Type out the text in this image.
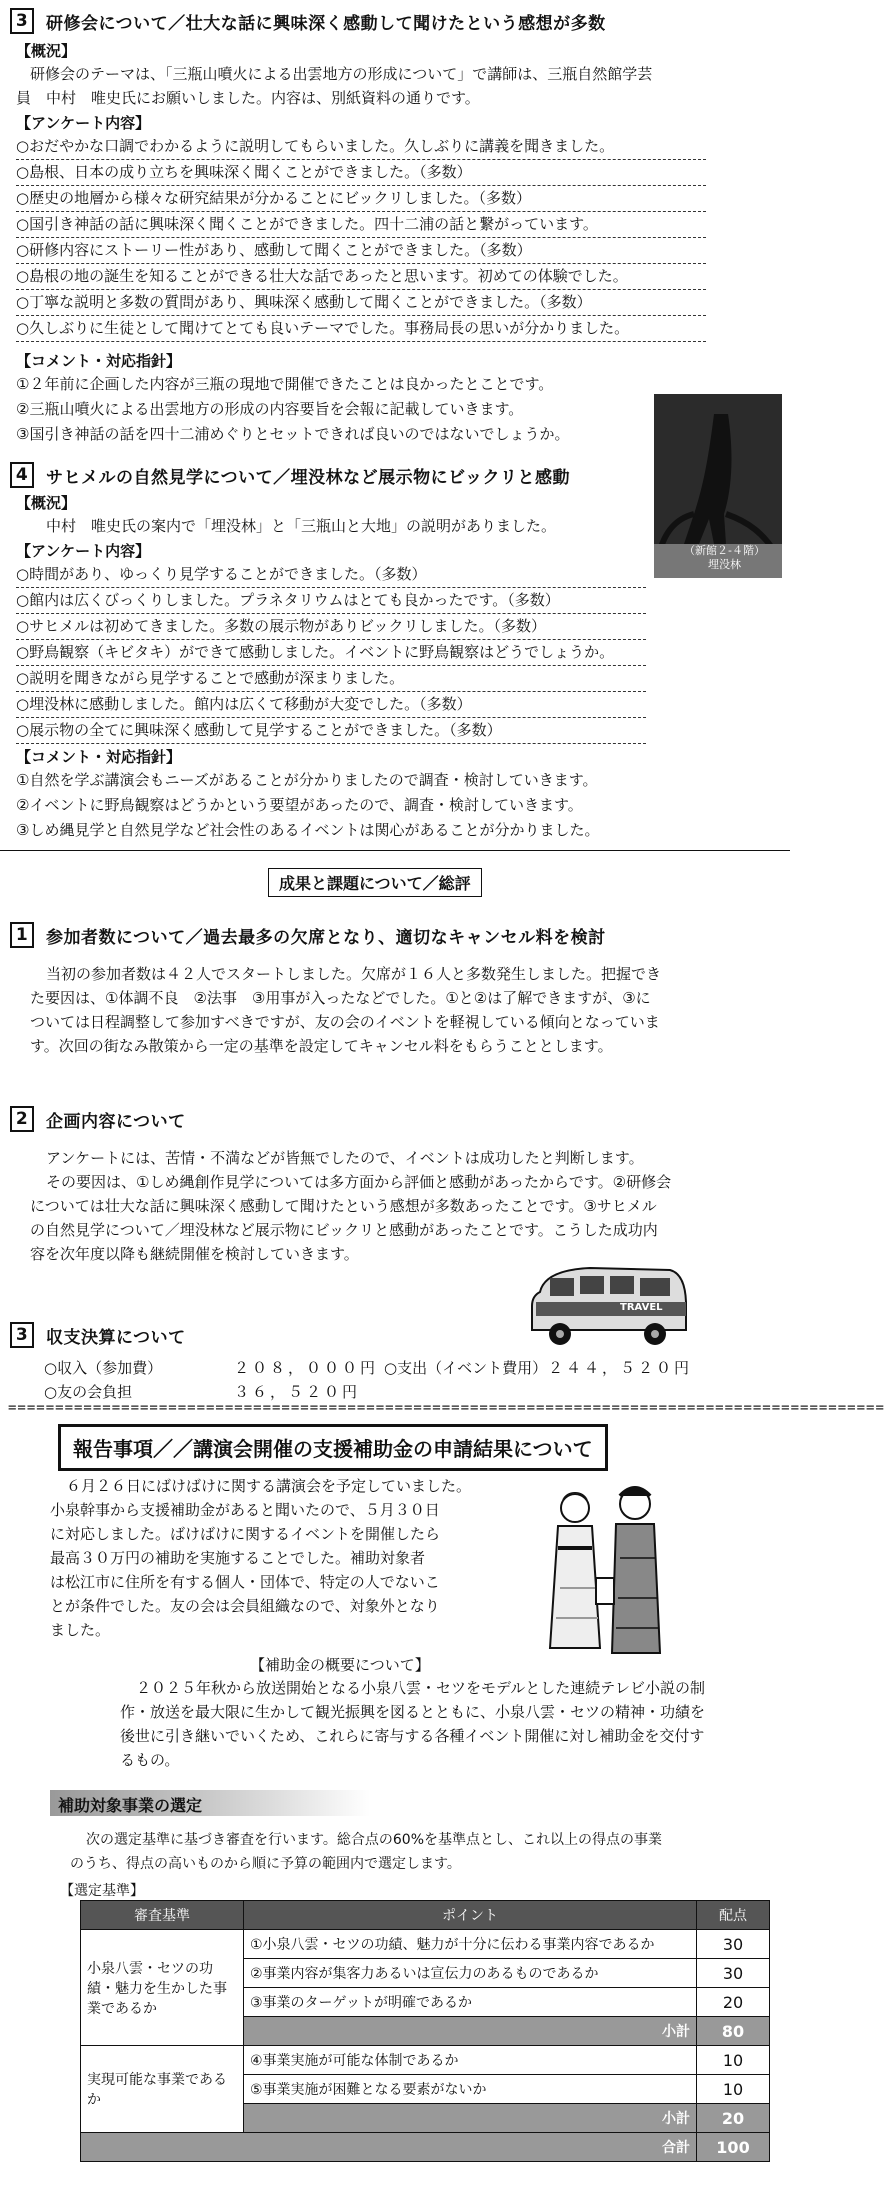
3	研修会について／壮大な話に興味深く感動して聞けたという感想が多数
【概況】
研修会のテーマは、「三瓶山噴火による出雲地方の形成について」で講師は、三瓶自然館学芸
員　中村　唯史氏にお願いしました。内容は、別紙資料の通りです。
【アンケート内容】
○おだやかな口調でわかるように説明してもらいました。久しぶりに講義を聞きました。
○島根、日本の成り立ちを興味深く聞くことができました。（多数）
○歴史の地層から様々な研究結果が分かることにビックリしました。（多数）
○国引き神話の話に興味深く聞くことができました。四十二浦の話と繋がっています。
○研修内容にストーリー性があり、感動して聞くことができました。（多数）
○島根の地の誕生を知ることができる壮大な話であったと思います。初めての体験でした。
○丁寧な説明と多数の質問があり、興味深く感動して聞くことができました。（多数）
○久しぶりに生徒として聞けてとても良いテーマでした。事務局長の思いが分かりました。
【コメント・対応指針】
①２年前に企画した内容が三瓶の現地で開催できたことは良かったとことです。
②三瓶山噴火による出雲地方の形成の内容要旨を会報に記載していきます。
③国引き神話の話を四十二浦めぐりとセットできれば良いのではないでしょうか。
（新館２-４階）
埋没林
4	サヒメルの自然見学について／埋没林など展示物にビックリと感動
【概況】
中村　唯史氏の案内で「埋没林」と「三瓶山と大地」の説明がありました。
【アンケート内容】
○時間があり、ゆっくり見学することができました。（多数）
○館内は広くびっくりしました。プラネタリウムはとても良かったです。（多数）
○サヒメルは初めてきました。多数の展示物がありビックリしました。（多数）
○野鳥観察（キビタキ）ができて感動しました。イベントに野鳥観察はどうでしょうか。
○説明を聞きながら見学することで感動が深まりました。
○埋没林に感動しました。館内は広くて移動が大変でした。（多数）
○展示物の全てに興味深く感動して見学することができました。（多数）
【コメント・対応指針】
①自然を学ぶ講演会もニーズがあることが分かりましたので調査・検討していきます。
②イベントに野鳥観察はどうかという要望があったので、調査・検討していきます。
③しめ縄見学と自然見学など社会性のあるイベントは関心があることが分かりました。
成果と課題について／総評
1	参加者数について／過去最多の欠席となり、適切なキャンセル料を検討
当初の参加者数は４２人でスタートしました。欠席が１６人と多数発生しました。把握でき
た要因は、①体調不良　②法事　③用事が入ったなどでした。①と②は了解できますが、③に
ついては日程調整して参加すべきですが、友の会のイベントを軽視している傾向となっていま
す。次回の街なみ散策から一定の基準を設定してキャンセル料をもらうこととします。
2	企画内容について
アンケートには、苦情・不満などが皆無でしたので、イベントは成功したと判断します。
その要因は、①しめ縄創作見学については多方面から評価と感動があったからです。②研修会
については壮大な話に興味深く感動して聞けたという感想が多数あったことです。③サヒメル
の自然見学について／埋没林など展示物にビックリと感動があったことです。こうした成功内
容を次年度以降も継続開催を検討していきます。
TRAVEL
3	収支決算について
○収入（参加費）	２０８，０００円 ○支出（イベント費用） ２４４，５２０円
○友の会負担	３６，５２０円
=============================================================================================
報告事項／／講演会開催の支援補助金の申請結果について
６月２６日にばけばけに関する講演会を予定していました。
小泉幹事から支援補助金があると聞いたので、５月３０日
に対応しました。ばけばけに関するイベントを開催したら
最高３０万円の補助を実施することでした。補助対象者
は松江市に住所を有する個人・団体で、特定の人でないこ
とが条件でした。友の会は会員組織なので、対象外となり
ました。
【補助金の概要について】
２０２５年秋から放送開始となる小泉八雲・セツをモデルとした連続テレビ小説の制
作・放送を最大限に生かして観光振興を図るとともに、小泉八雲・セツの精神・功績を
後世に引き継いでいくため、これらに寄与する各種イベント開催に対し補助金を交付す
るもの。
補助対象事業の選定
次の選定基準に基づき審査を行います。総合点の60%を基準点とし、これ以上の得点の事業
のうち、得点の高いものから順に予算の範囲内で選定します。
【選定基準】
審査基準	ポイント	配点
小泉八雲・セツの功績・魅力を生かした事業であるか	①小泉八雲・セツの功績、魅力が十分に伝わる事業内容であるか	30
	②事業内容が集客力あるいは宣伝力のあるものであるか	30
	③事業のターゲットが明確であるか	20
	小計	80
実現可能な事業であるか	④事業実施が可能な体制であるか	10
	⑤事業実施が困難となる要素がないか	10
	小計	20
合計		100
